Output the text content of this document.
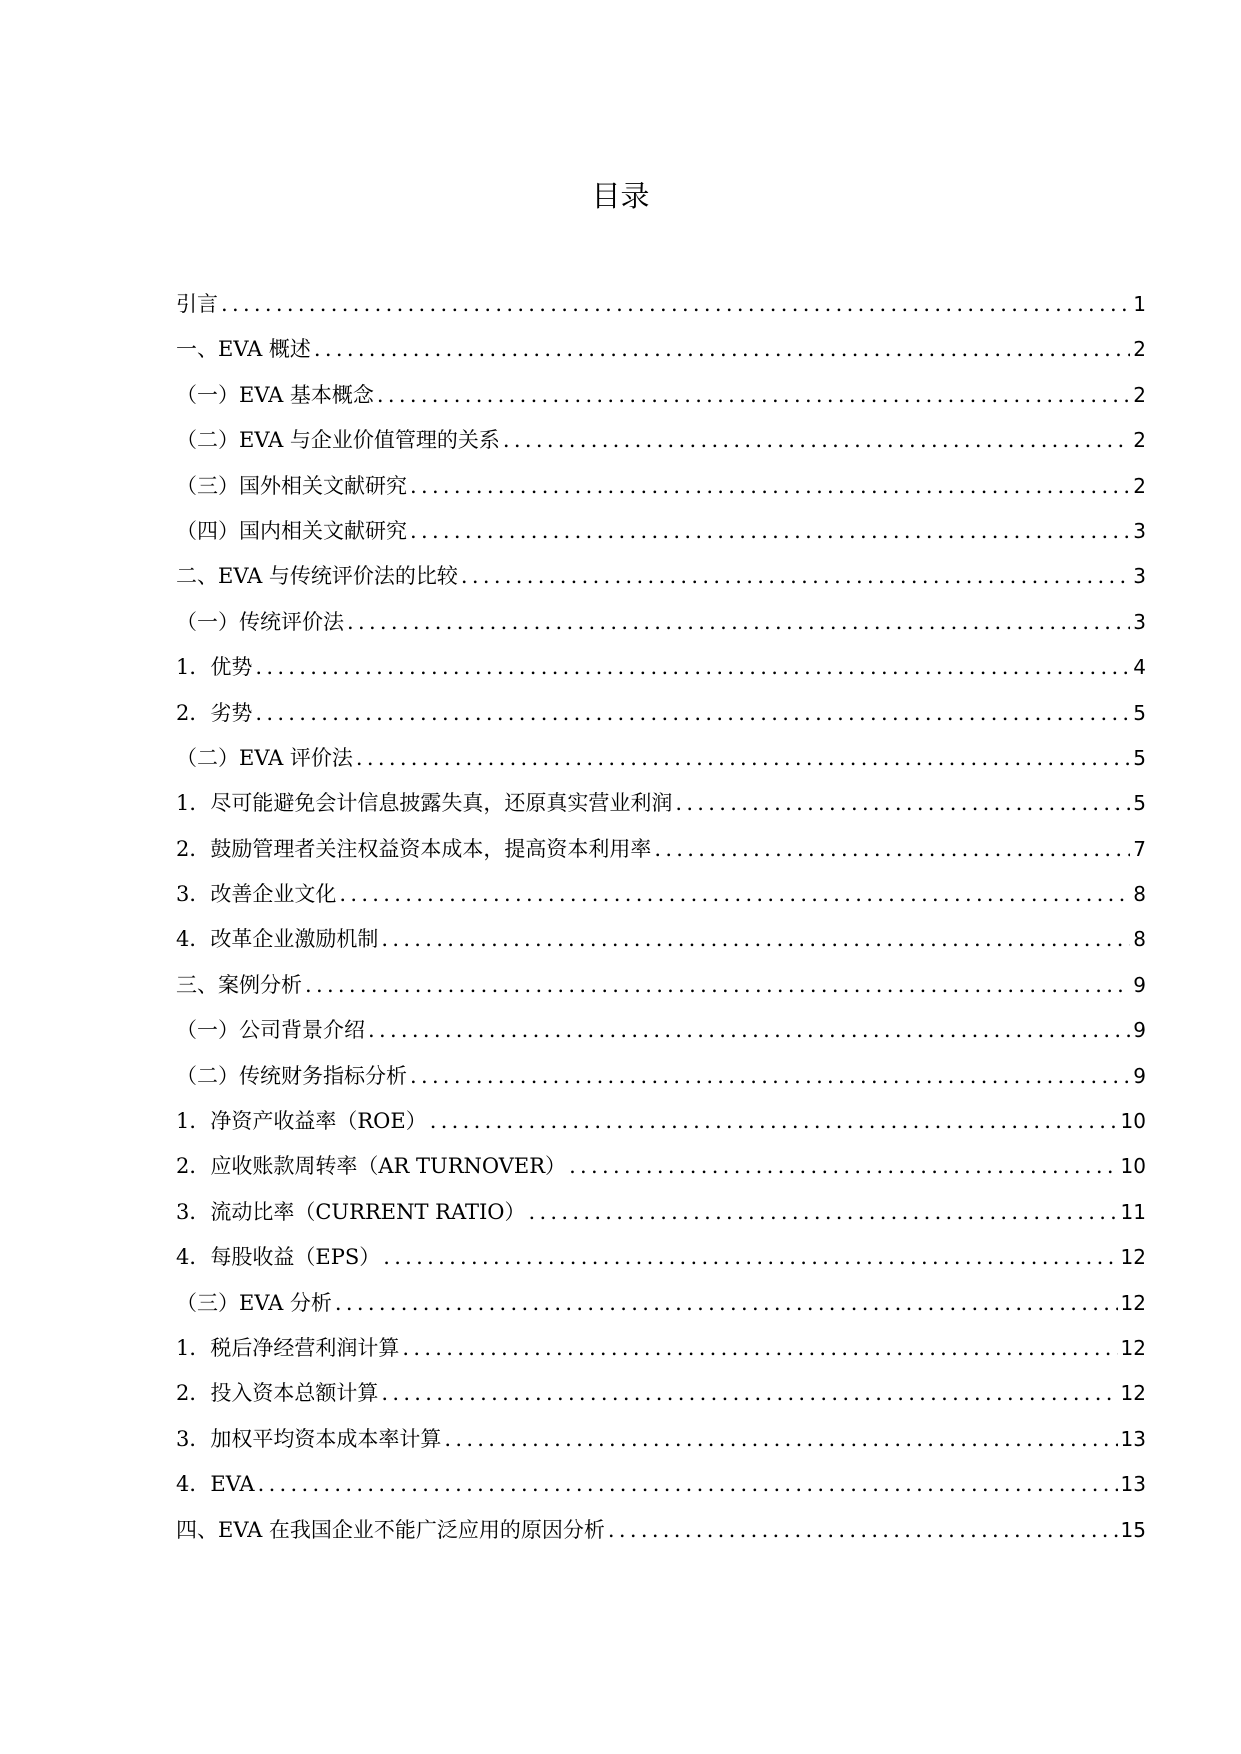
目录
引言 .....	1
一、EVA 概述 .....	2
（一）EVA 基本概念 .....	2
（二）EVA 与企业价值管理的关系 .....	2
（三）国外相关文献研究 .....	2
（四）国内相关文献研究 .....	3
二、EVA 与传统评价法的比较 .....	3
（一）传统评价法 .....	3
1．优势 .....	4
2．劣势 .....	5
（二）EVA 评价法 .....	5
1．尽可能避免会计信息披露失真，还原真实营业利润 .....	5
2．鼓励管理者关注权益资本成本，提高资本利用率 .....	7
3．改善企业文化 .....	8
4．改革企业激励机制 .....	8
三、案例分析 .....	9
（一）公司背景介绍 .....	9
（二）传统财务指标分析 .....	9
1．净资产收益率（ROE） .....	10
2．应收账款周转率（AR TURNOVER） .....	10
3．流动比率（CURRENT RATIO） .....	11
4．每股收益（EPS） .....	12
（三）EVA 分析 .....	12
1．税后净经营利润计算 .....	12
2．投入资本总额计算 .....	12
3．加权平均资本成本率计算 .....	13
4．EVA .....	13
四、EVA 在我国企业不能广泛应用的原因分析 .....	15
